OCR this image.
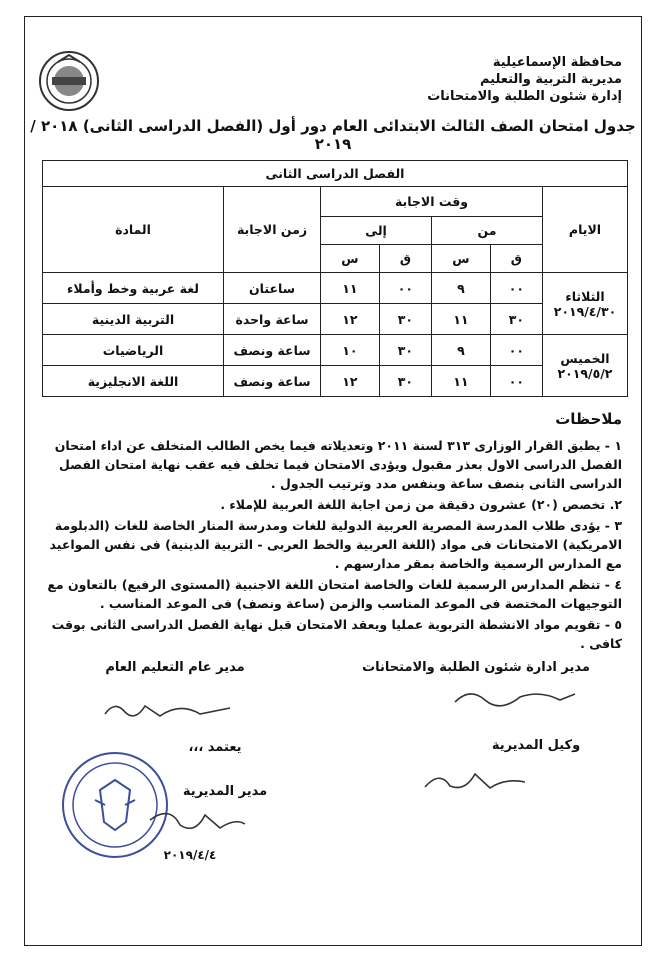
محافظة الإسماعيلية
مديرية التربية والتعليم
إدارة شئون الطلبة والامتحانات
جدول امتحان الصف الثالث الابتدائى العام دور أول (الفصل الدراسى الثانى) ٢٠١٨ / ٢٠١٩
الفصل الدراسى الثانى						
الايام	وقت الاجابة				زمن الاجابة	المادة
	من		إلى			
	ق	س	ق	س		

الثلاثاء
٢٠١٩/٤/٣٠	٠٠	٩	٠٠	١١	ساعتان	لغة عربية وخط وأملاء
	٣٠	١١	٣٠	١٢	ساعة واحدة	التربية الدينية

الخميس
٢٠١٩/٥/٢	٠٠	٩	٣٠	١٠	ساعة ونصف	الرياضيات
	٠٠	١١	٣٠	١٢	ساعة ونصف	اللغة الانجليزية
ملاحظات

١ - يطبق القرار الوزارى ٣١٣ لسنة ٢٠١١ وتعديلاته فيما يخص الطالب المتخلف عن اداء امتحان الفصل الدراسى الاول بعذر مقبول ويؤدى الامتحان فيما تخلف فيه عقب نهاية امتحان الفصل الدراسى الثانى بنصف ساعة وبنفس مدد وترتيب الجدول .

٢. تخصص (٢٠) عشرون دقيقة من زمن اجابة اللغة العربية للإملاء .

٣ - يؤدى طلاب المدرسة المصرية العربية الدولية للغات ومدرسة المنار الخاصة للغات (الدبلومة الامريكية) الامتحانات فى مواد (اللغة العربية والخط العربى - التربية الدينية) فى نفس المواعيد مع المدارس الرسمية والخاصة بمقر مدارسهم .

٤ - تنظم المدارس الرسمية للغات والخاصة امتحان اللغة الاجنبية (المستوى الرفيع) بالتعاون مع التوجيهات المختصة فى الموعد المناسب والزمن (ساعة ونصف) فى الموعد المناسب .

٥ - تقويم مواد الانشطة التربوية عمليا ويعقد الامتحان قبل نهاية الفصل الدراسى الثانى بوقت كافى .

مدير ادارة شئون الطلبة والامتحانات
مدير عام التعليم العام
وكيل المديرية
يعتمد ،،،
مدير المديرية
٢٠١٩/٤/٤
